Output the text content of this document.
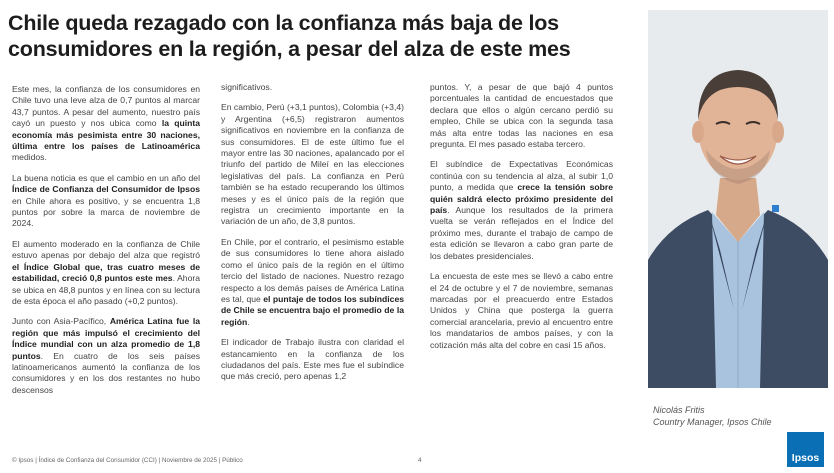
Chile queda rezagado con la confianza más baja de los consumidores en la región, a pesar del alza de este mes

Este mes, la confianza de los consumidores en Chile tuvo una leve alza de 0,7 puntos al marcar 43,7 puntos. A pesar del aumento, nuestro país cayó un puesto y nos ubica como la quinta economía más pesimista entre 30 naciones, última entre los países de Latinoamérica medidos.

La buena noticia es que el cambio en un año del Índice de Confianza del Consumidor de Ipsos en Chile ahora es positivo, y se encuentra 1,8 puntos por sobre la marca de noviembre de 2024.

El aumento moderado en la confianza de Chile estuvo apenas por debajo del alza que registró el Índice Global que, tras cuatro meses de estabilidad, creció 0,8 puntos este mes. Ahora se ubica en 48,8 puntos y en línea con su lectura de esta época el año pasado (+0,2 puntos).

Junto con Asia-Pacífico, América Latina fue la región que más impulsó el crecimiento del Índice mundial con un alza promedio de 1,8 puntos. En cuatro de los seis países latinoamericanos aumentó la confianza de los consumidores y en los dos restantes no hubo descensos

significativos.

En cambio, Perú (+3,1 puntos), Colombia (+3,4) y Argentina (+6,5) registraron aumentos significativos en noviembre en la confianza de sus consumidores. El de este último fue el mayor entre las 30 naciones, apalancado por el triunfo del partido de Mileí en las elecciones legislativas del país. La confianza en Perú también se ha estado recuperando los últimos meses y es el único país de la región que registra un crecimiento importante en la variación de un año, de 3,8 puntos.

En Chile, por el contrario, el pesimismo estable de sus consumidores lo tiene ahora aislado como el único país de la región en el último tercio del listado de naciones. Nuestro rezago respecto a los demás países de América Latina es tal, que el puntaje de todos los subíndices de Chile se encuentra bajo el promedio de la región.

El indicador de Trabajo ilustra con claridad el estancamiento en la confianza de los ciudadanos del país. Este mes fue el subíndice que más creció, pero apenas 1,2

puntos. Y, a pesar de que bajó 4 puntos porcentuales la cantidad de encuestados que declara que ellos o algún cercano perdió su empleo, Chile se ubica con la segunda tasa más alta entre todas las naciones en esa pregunta. El mes pasado estaba tercero.

El subíndice de Expectativas Económicas continúa con su tendencia al alza, al subir 1,0 punto, a medida que crece la tensión sobre quién saldrá electo próximo presidente del país. Aunque los resultados de la primera vuelta se verán reflejados en el Índice del próximo mes, durante el trabajo de campo de esta edición se llevaron a cabo gran parte de los debates presidenciales.

La encuesta de este mes se llevó a cabo entre el 24 de octubre y el 7 de noviembre, semanas marcadas por el preacuerdo entre Estados Unidos y China que posterga la guerra comercial arancelaria, previo al encuentro entre los mandatarios de ambos países, y con la cotización más alta del cobre en casi 15 años.

Nicolás Fritis
Country Manager, Ipsos Chile
© Ipsos | Índice de Confianza del Consumidor (CCI) | Noviembre de 2025 | Público	4	Ipsos
